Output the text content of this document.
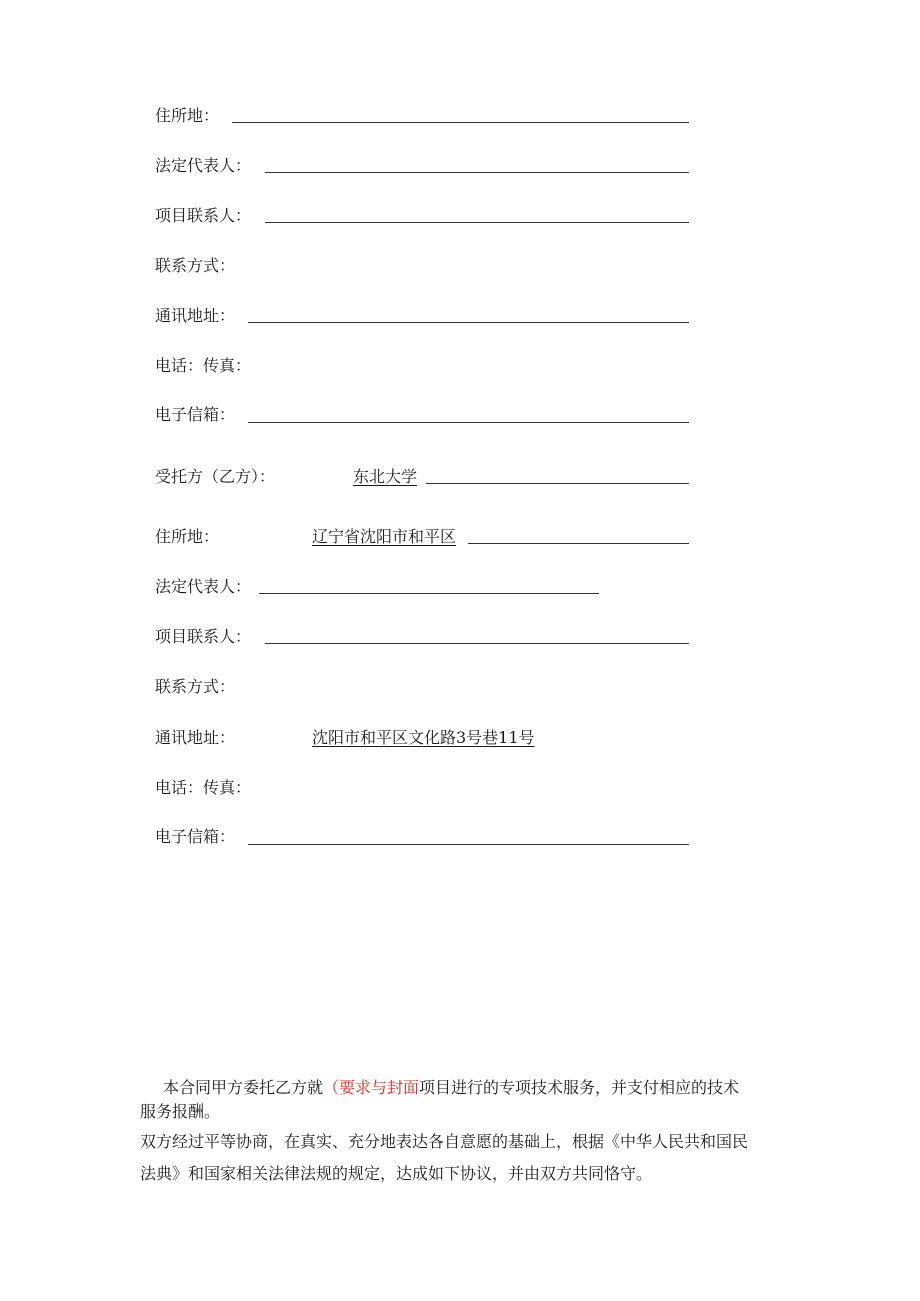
住所地：
法定代表人：
项目联系人：
联系方式：
通讯地址：
电话：传真：
电子信箱：
受托方（乙方）：	东北大学
住所地：	辽宁省沈阳市和平区
法定代表人：
项目联系人：
联系方式：
通讯地址：	沈阳市和平区文化路3号巷11号
电话：传真：
电子信箱：
本合同甲方委托乙方就（要求与封面项目进行的专项技术服务，并支付相应的技术
服务报酬。
双方经过平等协商，在真实、充分地表达各自意愿的基础上，根据《中华人民共和国民
法典》和国家相关法律法规的规定，达成如下协议，并由双方共同恪守。
